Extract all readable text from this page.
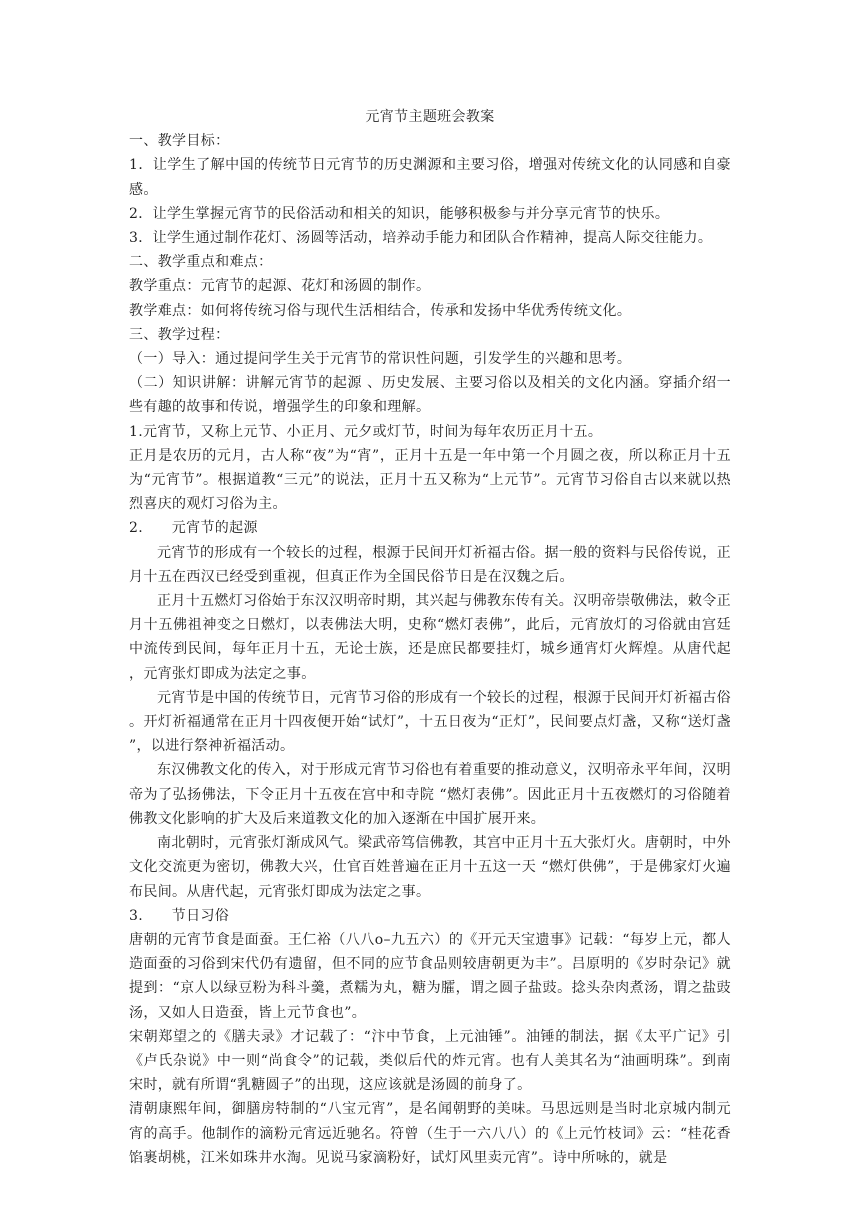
元宵节主题班会教案

一、教学目标：

1．让学生了解中国的传统节日元宵节的历史渊源和主要习俗，增强对传统文化的认同感和自豪感。

2．让学生掌握元宵节的民俗活动和相关的知识，能够积极参与并分享元宵节的快乐。

3．让学生通过制作花灯、汤圆等活动，培养动手能力和团队合作精神，提高人际交往能力。

二、教学重点和难点：

教学重点：元宵节的起源、花灯和汤圆的制作。

教学难点：如何将传统习俗与现代生活相结合，传承和发扬中华优秀传统文化。

三、教学过程：

（一）导入：通过提问学生关于元宵节的常识性问题，引发学生的兴趣和思考。

（二）知识讲解：讲解元宵节的起源 、历史发展、主要习俗以及相关的文化内涵。穿插介绍一些有趣的故事和传说，增强学生的印象和理解。

1.元宵节，又称上元节、小正月、元夕或灯节，时间为每年农历正月十五。

正月是农历的元月，古人称“夜”为“宵”，正月十五是一年中第一个月圆之夜，所以称正月十五为“元宵节”。根据道教“三元”的说法，正月十五又称为“上元节”。元宵节习俗自古以来就以热烈喜庆的观灯习俗为主。

2.　　元宵节的起源

元宵节的形成有一个较长的过程，根源于民间开灯祈福古俗。据一般的资料与民俗传说，正月十五在西汉已经受到重视，但真正作为全国民俗节日是在汉魏之后。

正月十五燃灯习俗始于东汉汉明帝时期，其兴起与佛教东传有关。汉明帝崇敬佛法，敕令正月十五佛祖神变之日燃灯，以表佛法大明，史称“燃灯表佛”，此后，元宵放灯的习俗就由宫廷中流传到民间，每年正月十五，无论士族，还是庶民都要挂灯，城乡通宵灯火辉煌。从唐代起，元宵张灯即成为法定之事。

元宵节是中国的传统节日，元宵节习俗的形成有一个较长的过程，根源于民间开灯祈福古俗。开灯祈福通常在正月十四夜便开始“试灯”，十五日夜为“正灯”，民间要点灯盏，又称“送灯盏”，以进行祭神祈福活动。

东汉佛教文化的传入，对于形成元宵节习俗也有着重要的推动意义，汉明帝永平年间，汉明帝为了弘扬佛法，下令正月十五夜在宫中和寺院 “燃灯表佛”。因此正月十五夜燃灯的习俗随着佛教文化影响的扩大及后来道教文化的加入逐渐在中国扩展开来。

南北朝时，元宵张灯渐成风气。梁武帝笃信佛教，其宫中正月十五大张灯火。唐朝时，中外文化交流更为密切，佛教大兴，仕官百姓普遍在正月十五这一天 “燃灯供佛”，于是佛家灯火遍布民间。从唐代起，元宵张灯即成为法定之事。

3.　　节日习俗

唐朝的元宵节食是面蚕。王仁裕（八八o–九五六）的《开元天宝遗事》记载：“每岁上元，都人造面蚕的习俗到宋代仍有遗留，但不同的应节食品则较唐朝更为丰”。吕原明的《岁时杂记》就提到：“京人以绿豆粉为科斗羹，煮糯为丸，糖为臛，谓之圆子盐豉。捻头杂肉煮汤，谓之盐豉汤，又如人日造蚕，皆上元节食也”。

宋朝郑望之的《膳夫录》才记载了：“汴中节食，上元油锤”。油锤的制法，据《太平广记》引《卢氏杂说》中一则“尚食令”的记载，类似后代的炸元宵。也有人美其名为“油画明珠”。到南宋时，就有所谓“乳糖圆子”的出现，这应该就是汤圆的前身了。

清朝康熙年间，御膳房特制的“八宝元宵”，是名闻朝野的美味。马思远则是当时北京城内制元宵的高手。他制作的滴粉元宵远近驰名。符曾（生于一六八八）的《上元竹枝词》云：“桂花香馅裹胡桃，江米如珠井水淘。见说马家滴粉好，试灯风里卖元宵”。诗中所咏的，就是
